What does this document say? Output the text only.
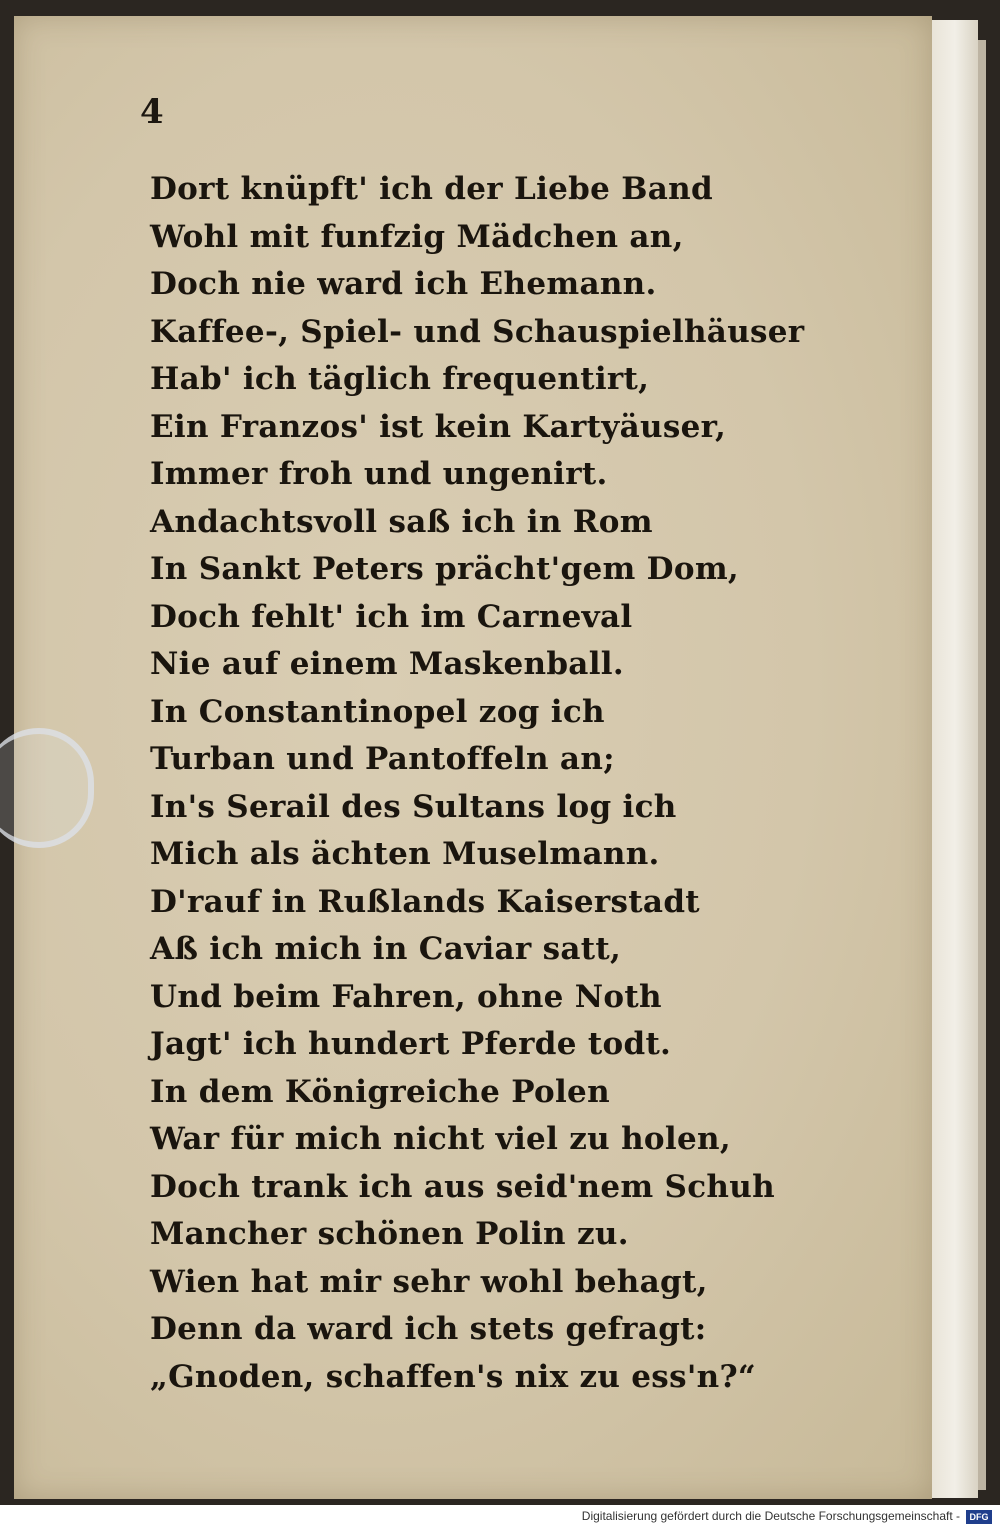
4
Dort knüpft' ich der Liebe Band
Wohl mit funfzig Mädchen an,
Doch nie ward ich Ehemann.
Kaffee-, Spiel- und Schauspielhäuser
Hab' ich täglich frequentirt,
Ein Franzos' ist kein Kartyäuser,
Immer froh und ungenirt.
Andachtsvoll saß ich in Rom
In Sankt Peters prächt'gem Dom,
Doch fehlt' ich im Carneval
Nie auf einem Maskenball.
In Constantinopel zog ich
Turban und Pantoffeln an;
In's Serail des Sultans log ich
Mich als ächten Muselmann.
D'rauf in Rußlands Kaiserstadt
Aß ich mich in Caviar satt,
Und beim Fahren, ohne Noth
Jagt' ich hundert Pferde todt.
In dem Königreiche Polen
War für mich nicht viel zu holen,
Doch trank ich aus seid'nem Schuh
Mancher schönen Polin zu.
Wien hat mir sehr wohl behagt,
Denn da ward ich stets gefragt:
„Gnoden, schaffen's nix zu ess'n?“
Digitalisierung gefördert durch die Deutsche Forschungsgemeinschaft -	DFG
